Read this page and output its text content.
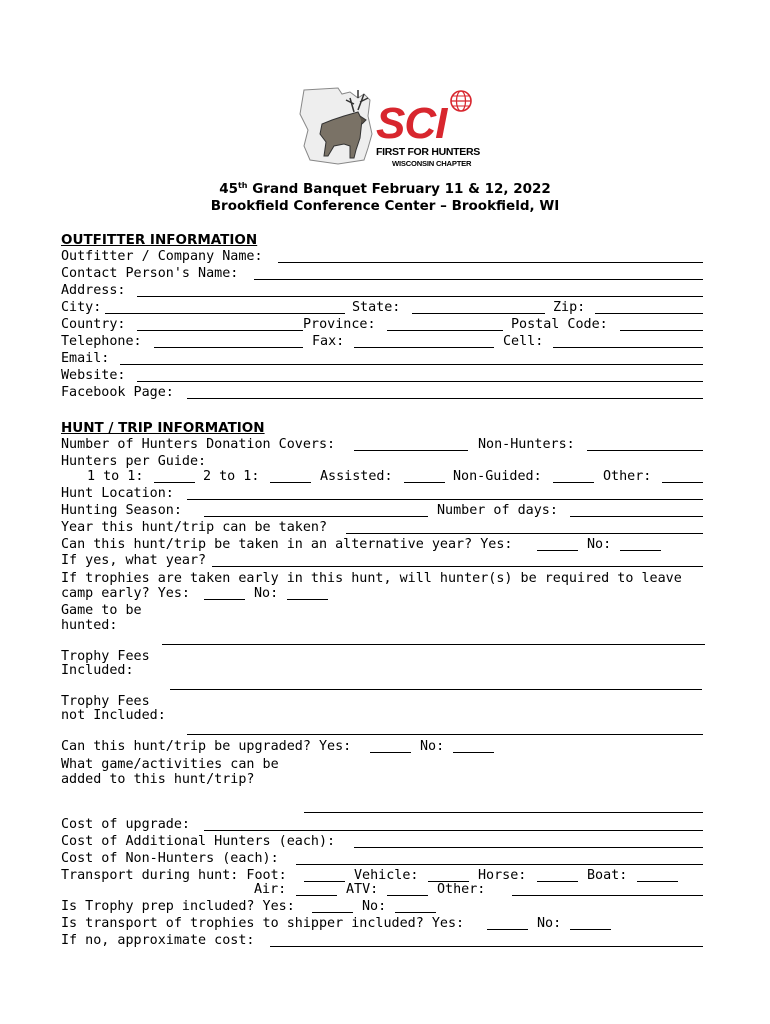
SCI
FIRST FOR HUNTERS
WISCONSIN CHAPTER
45th Grand Banquet February 11 & 12, 2022
Brookfield Conference Center – Brookfield, WI
OUTFITTER INFORMATION
Outfitter / Company Name:
Contact Person's Name:
Address:
City:	State:	Zip:
Country:	Province:	Postal Code:
Telephone:	Fax:	Cell:
Email:
Website:
Facebook Page:
HUNT / TRIP INFORMATION
Number of Hunters Donation Covers:	Non-Hunters:
Hunters per Guide:
1 to 1:	2 to 1:	Assisted:	Non-Guided:	Other:
Hunt Location:
Hunting Season:	Number of days:
Year this hunt/trip can be taken?
Can this hunt/trip be taken in an alternative year? Yes:	No:
If yes, what year?
If trophies are taken early in this hunt, will hunter(s) be required to leave
camp early? Yes:	No:
Game to be
hunted:
Trophy Fees
Included:
Trophy Fees
not Included:
Can this hunt/trip be upgraded? Yes:	No:
What game/activities can be
added to this hunt/trip?
Cost of upgrade:
Cost of Additional Hunters (each):
Cost of Non-Hunters (each):
Transport during hunt: Foot:	Vehicle:	Horse:	Boat:
Air:	ATV:	Other:
Is Trophy prep included? Yes:	No:
Is transport of trophies to shipper included? Yes:	No:
If no, approximate cost:
